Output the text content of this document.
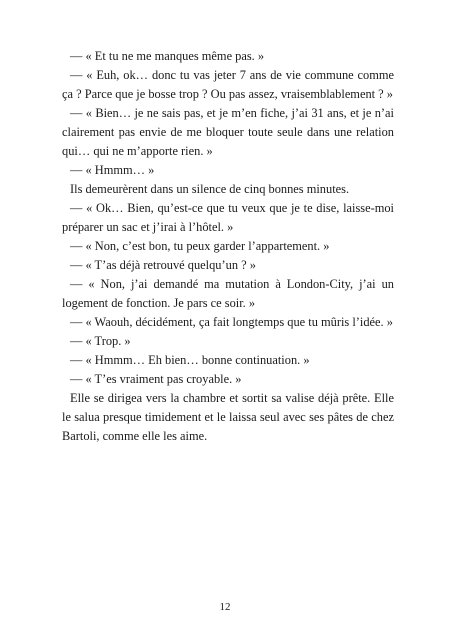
— « Et tu ne me manques même pas. »

— « Euh, ok… donc tu vas jeter 7 ans de vie commune comme ça ? Parce que je bosse trop ? Ou pas assez, vraisemblablement ? »

— « Bien… je ne sais pas, et je m’en fiche, j’ai 31 ans, et je n’ai clairement pas envie de me bloquer toute seule dans une relation qui… qui ne m’apporte rien. »

— « Hmmm… »

Ils demeurèrent dans un silence de cinq bonnes minutes.

— « Ok… Bien, qu’est-ce que tu veux que je te dise, laisse-moi préparer un sac et j’irai à l’hôtel. »

— « Non, c’est bon, tu peux garder l’appartement. »

— « T’as déjà retrouvé quelqu’un ? »

— « Non, j’ai demandé ma mutation à London-City, j’ai un logement de fonction. Je pars ce soir. »

— « Waouh, décidément, ça fait longtemps que tu mûris l’idée. »

— « Trop. »

— « Hmmm… Eh bien… bonne continuation. »

— « T’es vraiment pas croyable. »

Elle se dirigea vers la chambre et sortit sa valise déjà prête. Elle le salua presque timidement et le laissa seul avec ses pâtes de chez Bartoli, comme elle les aime.

12
